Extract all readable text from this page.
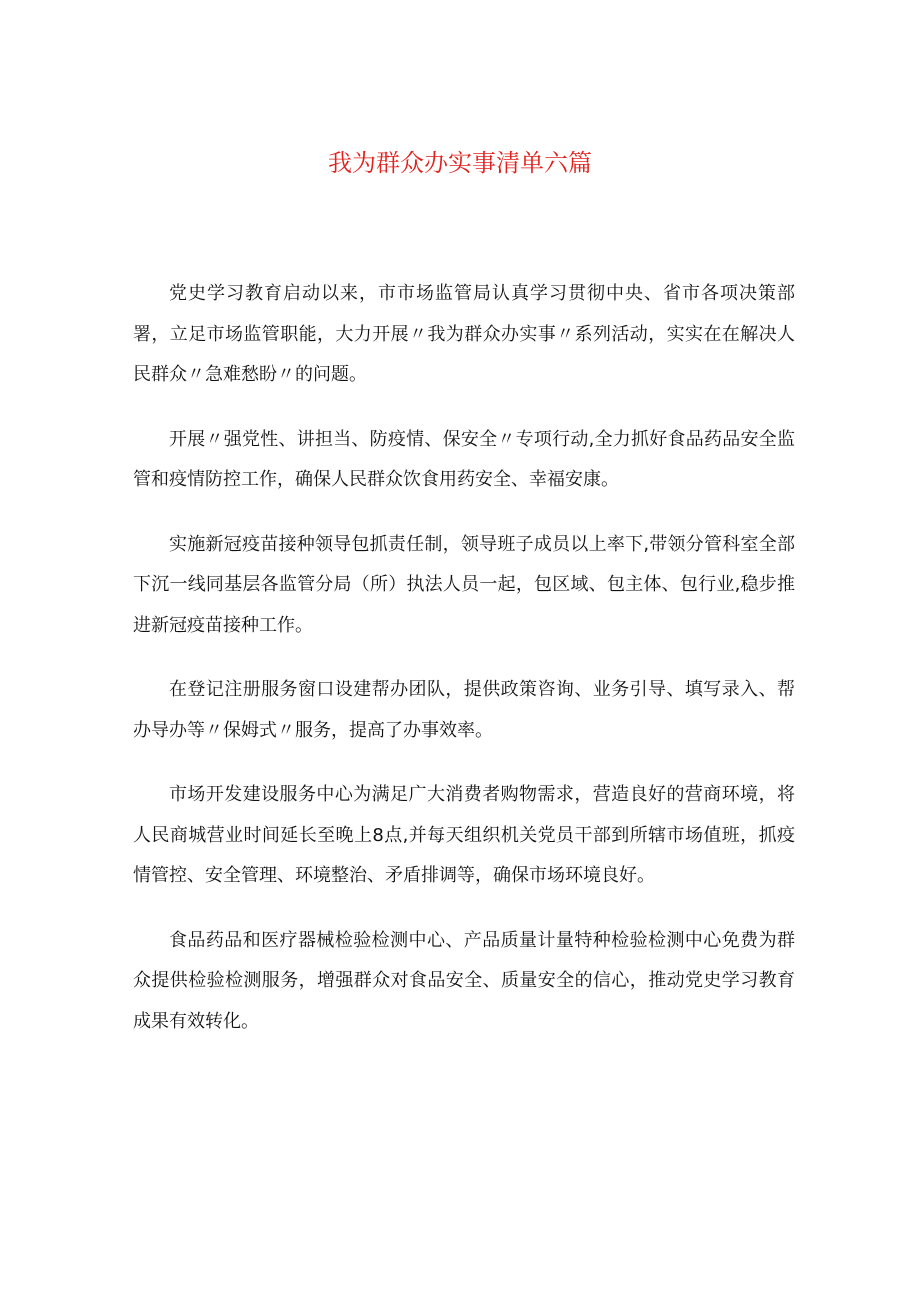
我为群众办实事清单六篇

党史学习教育启动以来，市市场监管局认真学习贯彻中央、省市各项决策部署，立足市场监管职能，大力开展〃我为群众办实事〃系列活动，实实在在解决人民群众〃急难愁盼〃的问题。

开展〃强党性、讲担当、防疫情、保安全〃专项行动,全力抓好食品药品安全监管和疫情防控工作，确保人民群众饮食用药安全、幸福安康。

实施新冠疫苗接种领导包抓责任制，领导班子成员以上率下,带领分管科室全部下沉一线同基层各监管分局（所）执法人员一起，包区域、包主体、包行业,稳步推进新冠疫苗接种工作。

在登记注册服务窗口设建帮办团队，提供政策咨询、业务引导、填写录入、帮办导办等〃保姆式〃服务，提高了办事效率。

市场开发建设服务中心为满足广大消费者购物需求，营造良好的营商环境，将人民商城营业时间延长至晚上8点,并每天组织机关党员干部到所辖市场值班，抓疫情管控、安全管理、环境整治、矛盾排调等，确保市场环境良好。

食品药品和医疗器械检验检测中心、产品质量计量特种检验检测中心免费为群众提供检验检测服务，增强群众对食品安全、质量安全的信心，推动党史学习教育成果有效转化。
